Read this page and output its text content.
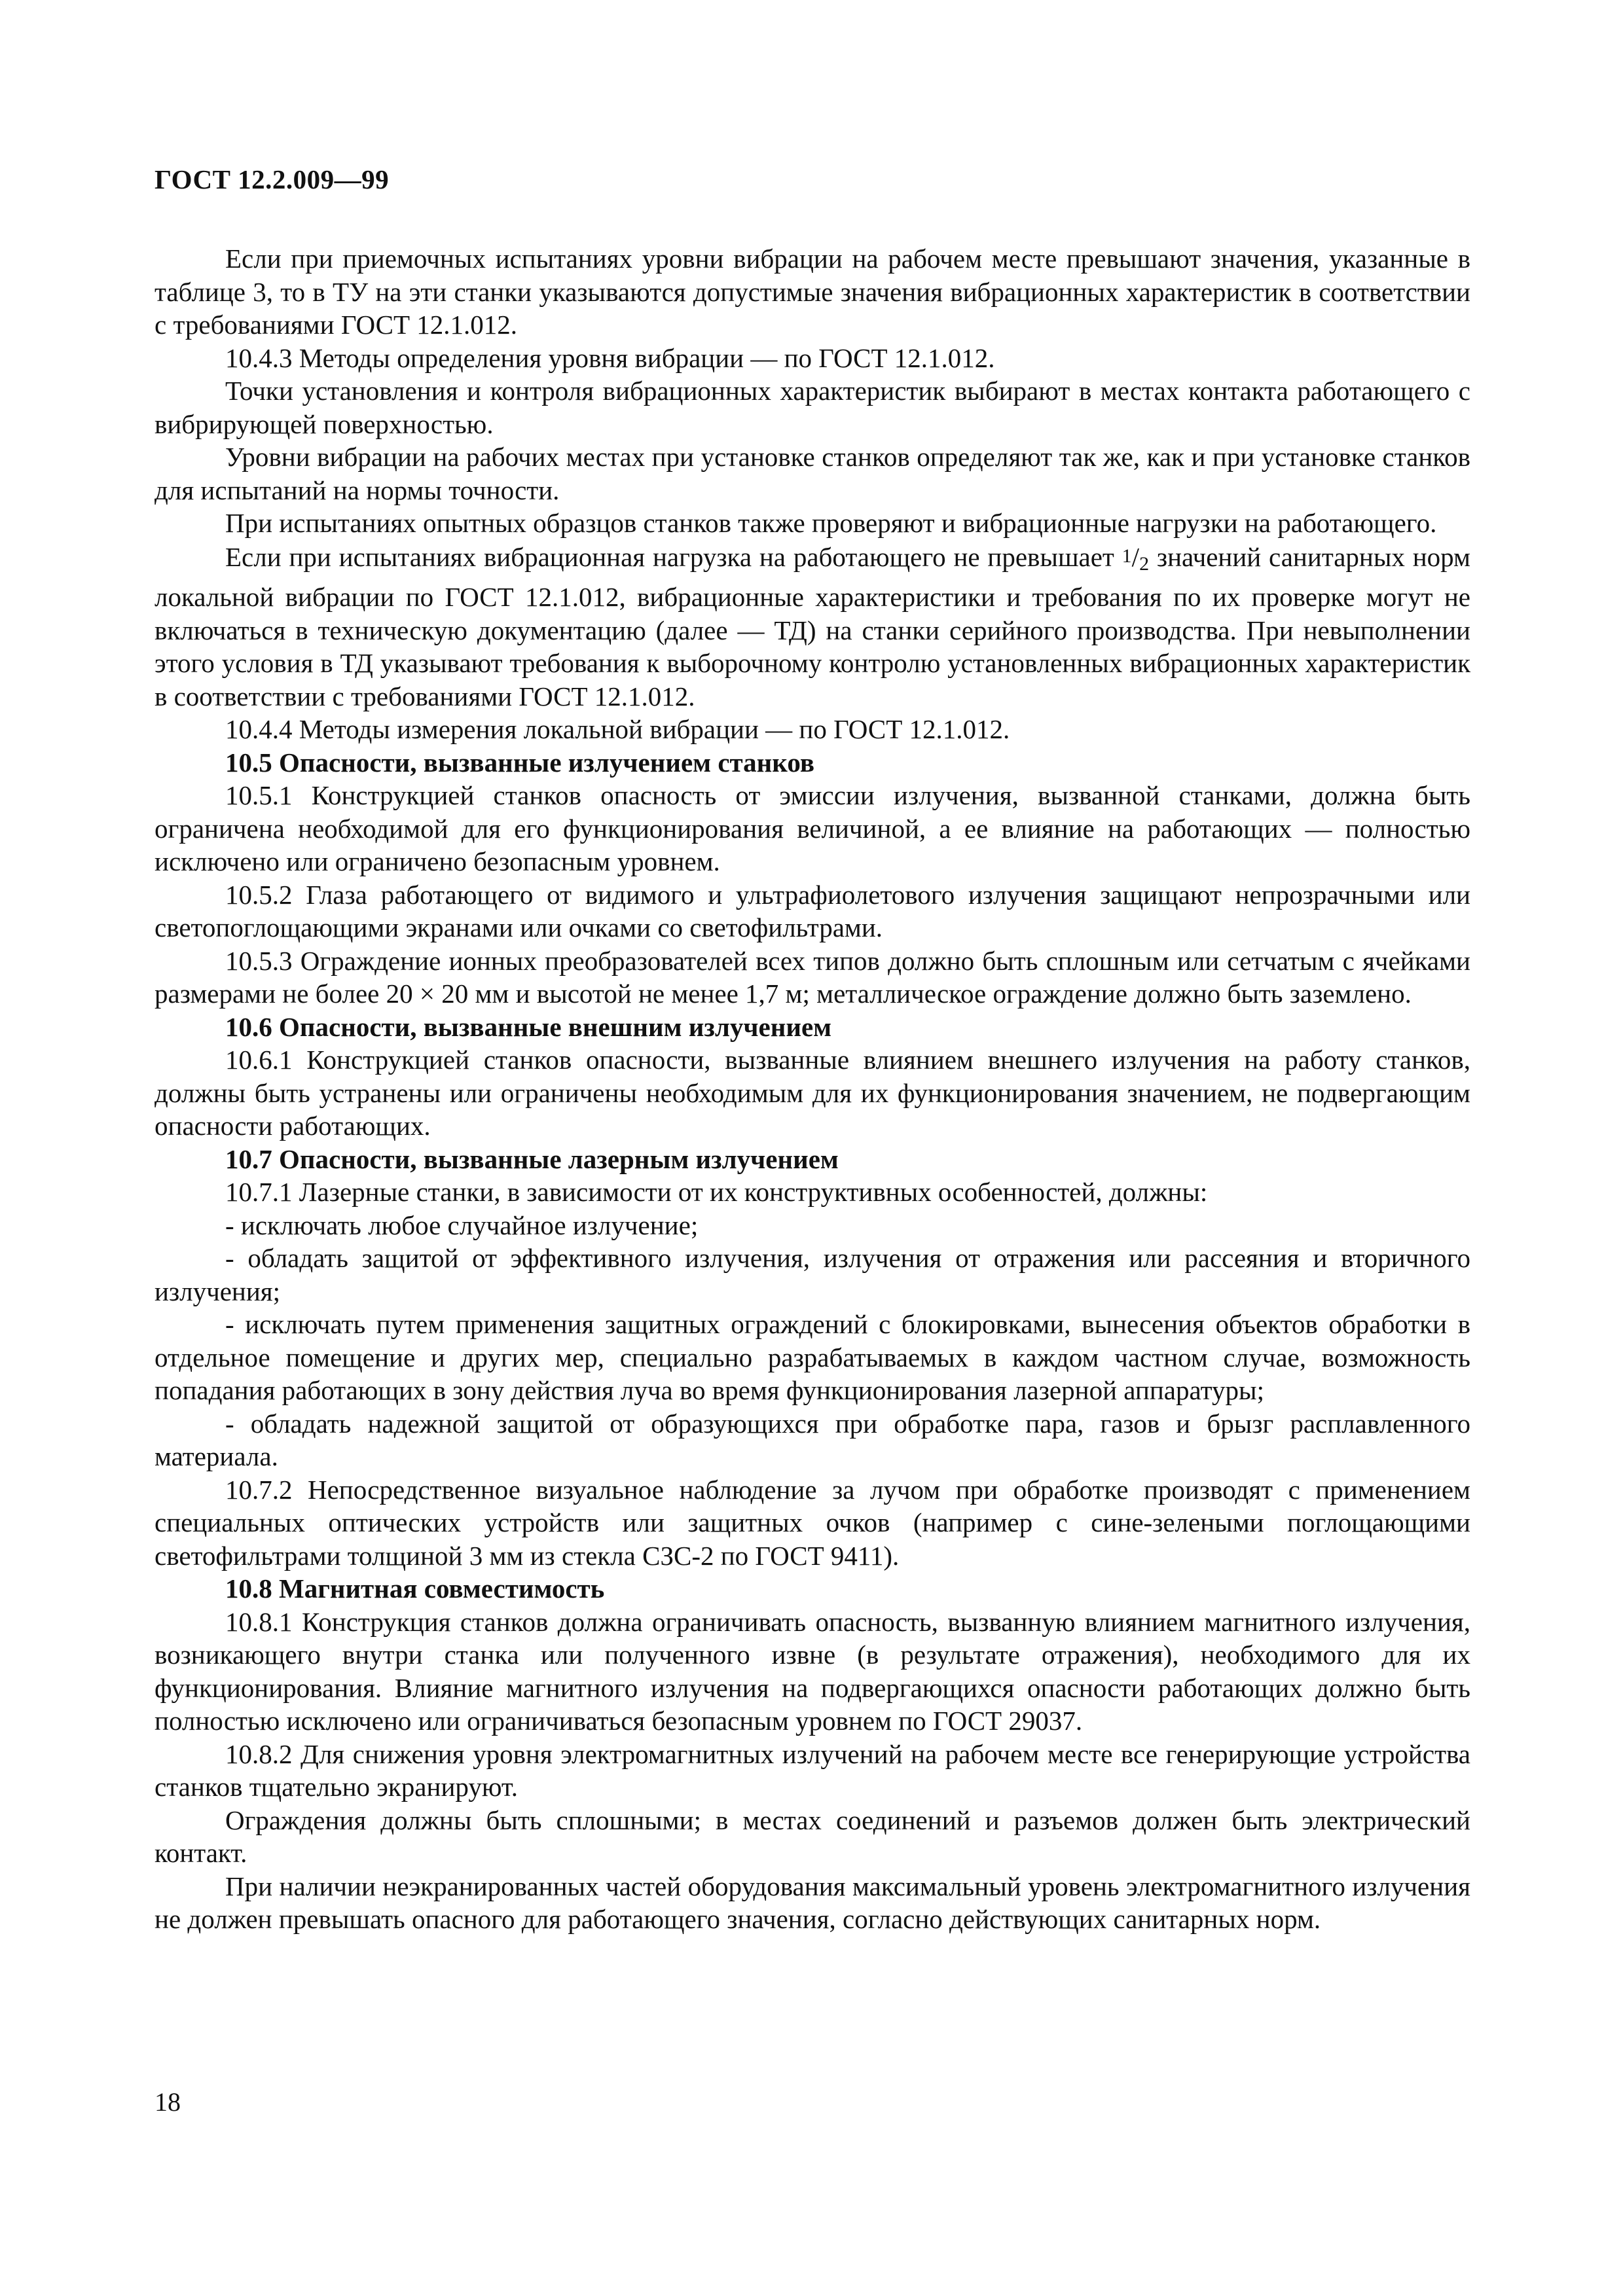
ГОСТ 12.2.009—99

Если при приемочных испытаниях уровни вибрации на рабочем месте превышают значения, указанные в таблице 3, то в ТУ на эти станки указываются допустимые значения вибрационных характеристик в соответствии с требованиями ГОСТ 12.1.012.

10.4.3 Методы определения уровня вибрации — по ГОСТ 12.1.012.

Точки установления и контроля вибрационных характеристик выбирают в местах контакта работающего с вибрирующей поверхностью.

Уровни вибрации на рабочих местах при установке станков определяют так же, как и при установке станков для испытаний на нормы точности.

При испытаниях опытных образцов станков также проверяют и вибрационные нагрузки на работающего.

Если при испытаниях вибрационная нагрузка на работающего не превышает 1/2 значений санитарных норм локальной вибрации по ГОСТ 12.1.012, вибрационные характеристики и требования по их проверке могут не включаться в техническую документацию (далее — ТД) на станки серийного производства. При невыполнении этого условия в ТД указывают требования к выборочному контролю установленных вибрационных характеристик в соответствии с требованиями ГОСТ 12.1.012.

10.4.4 Методы измерения локальной вибрации — по ГОСТ 12.1.012.

10.5 Опасности, вызванные излучением станков

10.5.1 Конструкцией станков опасность от эмиссии излучения, вызванной станками, должна быть ограничена необходимой для его функционирования величиной, а ее влияние на работающих — полностью исключено или ограничено безопасным уровнем.

10.5.2 Глаза работающего от видимого и ультрафиолетового излучения защищают непрозрачными или светопоглощающими экранами или очками со светофильтрами.

10.5.3 Ограждение ионных преобразователей всех типов должно быть сплошным или сетчатым с ячейками размерами не более 20 × 20 мм и высотой не менее 1,7 м; металлическое ограждение должно быть заземлено.

10.6 Опасности, вызванные внешним излучением

10.6.1 Конструкцией станков опасности, вызванные влиянием внешнего излучения на работу станков, должны быть устранены или ограничены необходимым для их функционирования значением, не подвергающим опасности работающих.

10.7 Опасности, вызванные лазерным излучением

10.7.1 Лазерные станки, в зависимости от их конструктивных особенностей, должны:

- исключать любое случайное излучение;

- обладать защитой от эффективного излучения, излучения от отражения или рассеяния и вторичного излучения;

- исключать путем применения защитных ограждений с блокировками, вынесения объектов обработки в отдельное помещение и других мер, специально разрабатываемых в каждом частном случае, возможность попадания работающих в зону действия луча во время функционирования лазерной аппаратуры;

- обладать надежной защитой от образующихся при обработке пара, газов и брызг расплавленного материала.

10.7.2 Непосредственное визуальное наблюдение за лучом при обработке производят с применением специальных оптических устройств или защитных очков (например с сине-зелеными поглощающими светофильтрами толщиной 3 мм из стекла СЗС-2 по ГОСТ 9411).

10.8 Магнитная совместимость

10.8.1 Конструкция станков должна ограничивать опасность, вызванную влиянием магнитного излучения, возникающего внутри станка или полученного извне (в результате отражения), необходимого для их функционирования. Влияние магнитного излучения на подвергающихся опасности работающих должно быть полностью исключено или ограничиваться безопасным уровнем по ГОСТ 29037.

10.8.2 Для снижения уровня электромагнитных излучений на рабочем месте все генерирующие устройства станков тщательно экранируют.

Ограждения должны быть сплошными; в местах соединений и разъемов должен быть электрический контакт.

При наличии неэкранированных частей оборудования максимальный уровень электромагнитного излучения не должен превышать опасного для работающего значения, согласно действующих санитарных норм.

18
